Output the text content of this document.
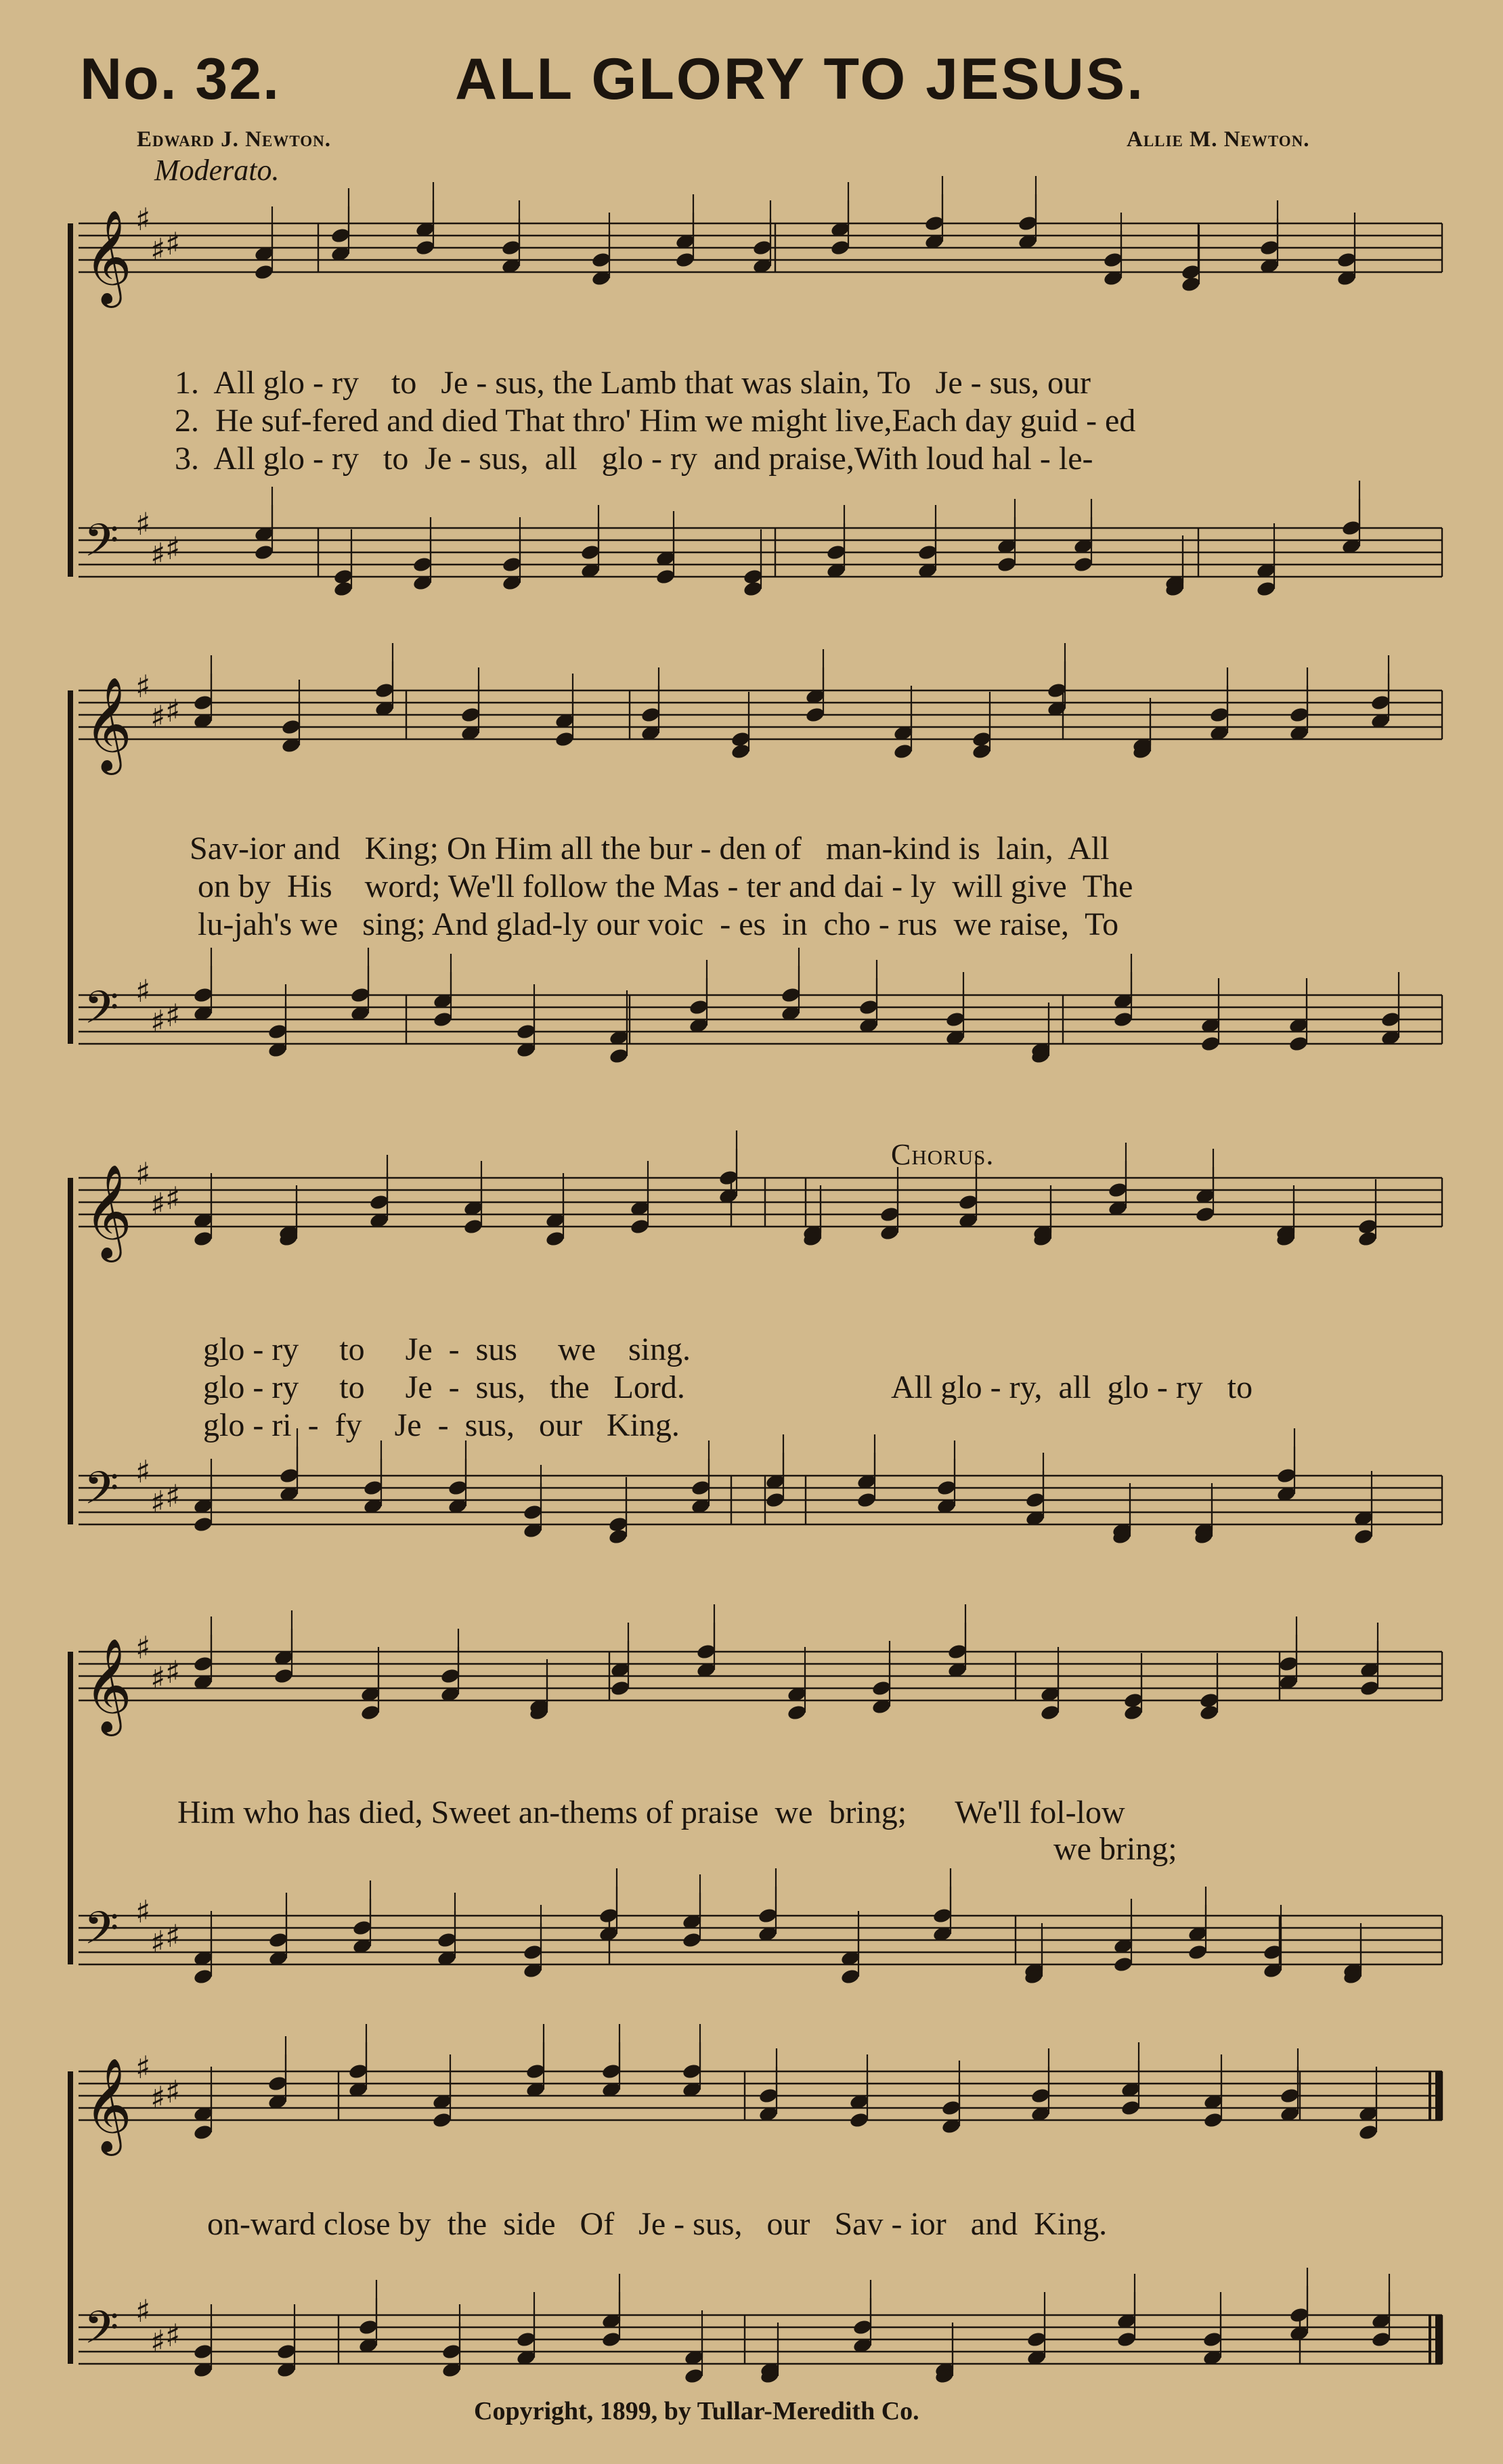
No. 32.	ALL GLORY TO JESUS.
Edward J. Newton.	Allie M. Newton.
Moderato.
𝄞 ♯
♯ ♯
𝄢 ♯
♯ ♯
𝄞 ♯
♯ ♯
𝄢 ♯
♯ ♯
𝄞 ♯
♯ ♯
𝄢 ♯
♯ ♯
𝄞 ♯
♯ ♯
𝄢 ♯
♯ ♯
𝄞 ♯
♯ ♯
𝄢 ♯
♯ ♯
1.  All glo - ry    to   Je - sus, the Lamb that was slain, To   Je - sus, our
2.  He suf-fered and died That thro' Him we might live,Each day guid - ed
3.  All glo - ry   to  Je - sus,  all   glo - ry  and praise,With loud hal - le-
Sav-ior and   King; On Him all the bur - den of   man-kind is  lain,  All
on by  His    word; We'll follow the Mas - ter and dai - ly  will give  The
lu-jah's we   sing; And glad-ly our voic  - es  in  cho - rus  we raise,  To
Chorus.
glo - ry     to     Je  -  sus     we    sing.
glo - ry     to     Je  -  sus,   the   Lord.
glo - ri  -  fy    Je  -  sus,   our   King.
All glo - ry,  all  glo - ry   to
Him who has died, Sweet an-thems of praise  we  bring;      We'll fol-low
we bring;
on-ward close by  the  side   Of   Je - sus,   our   Sav - ior   and  King.
Copyright, 1899, by Tullar-Meredith Co.
